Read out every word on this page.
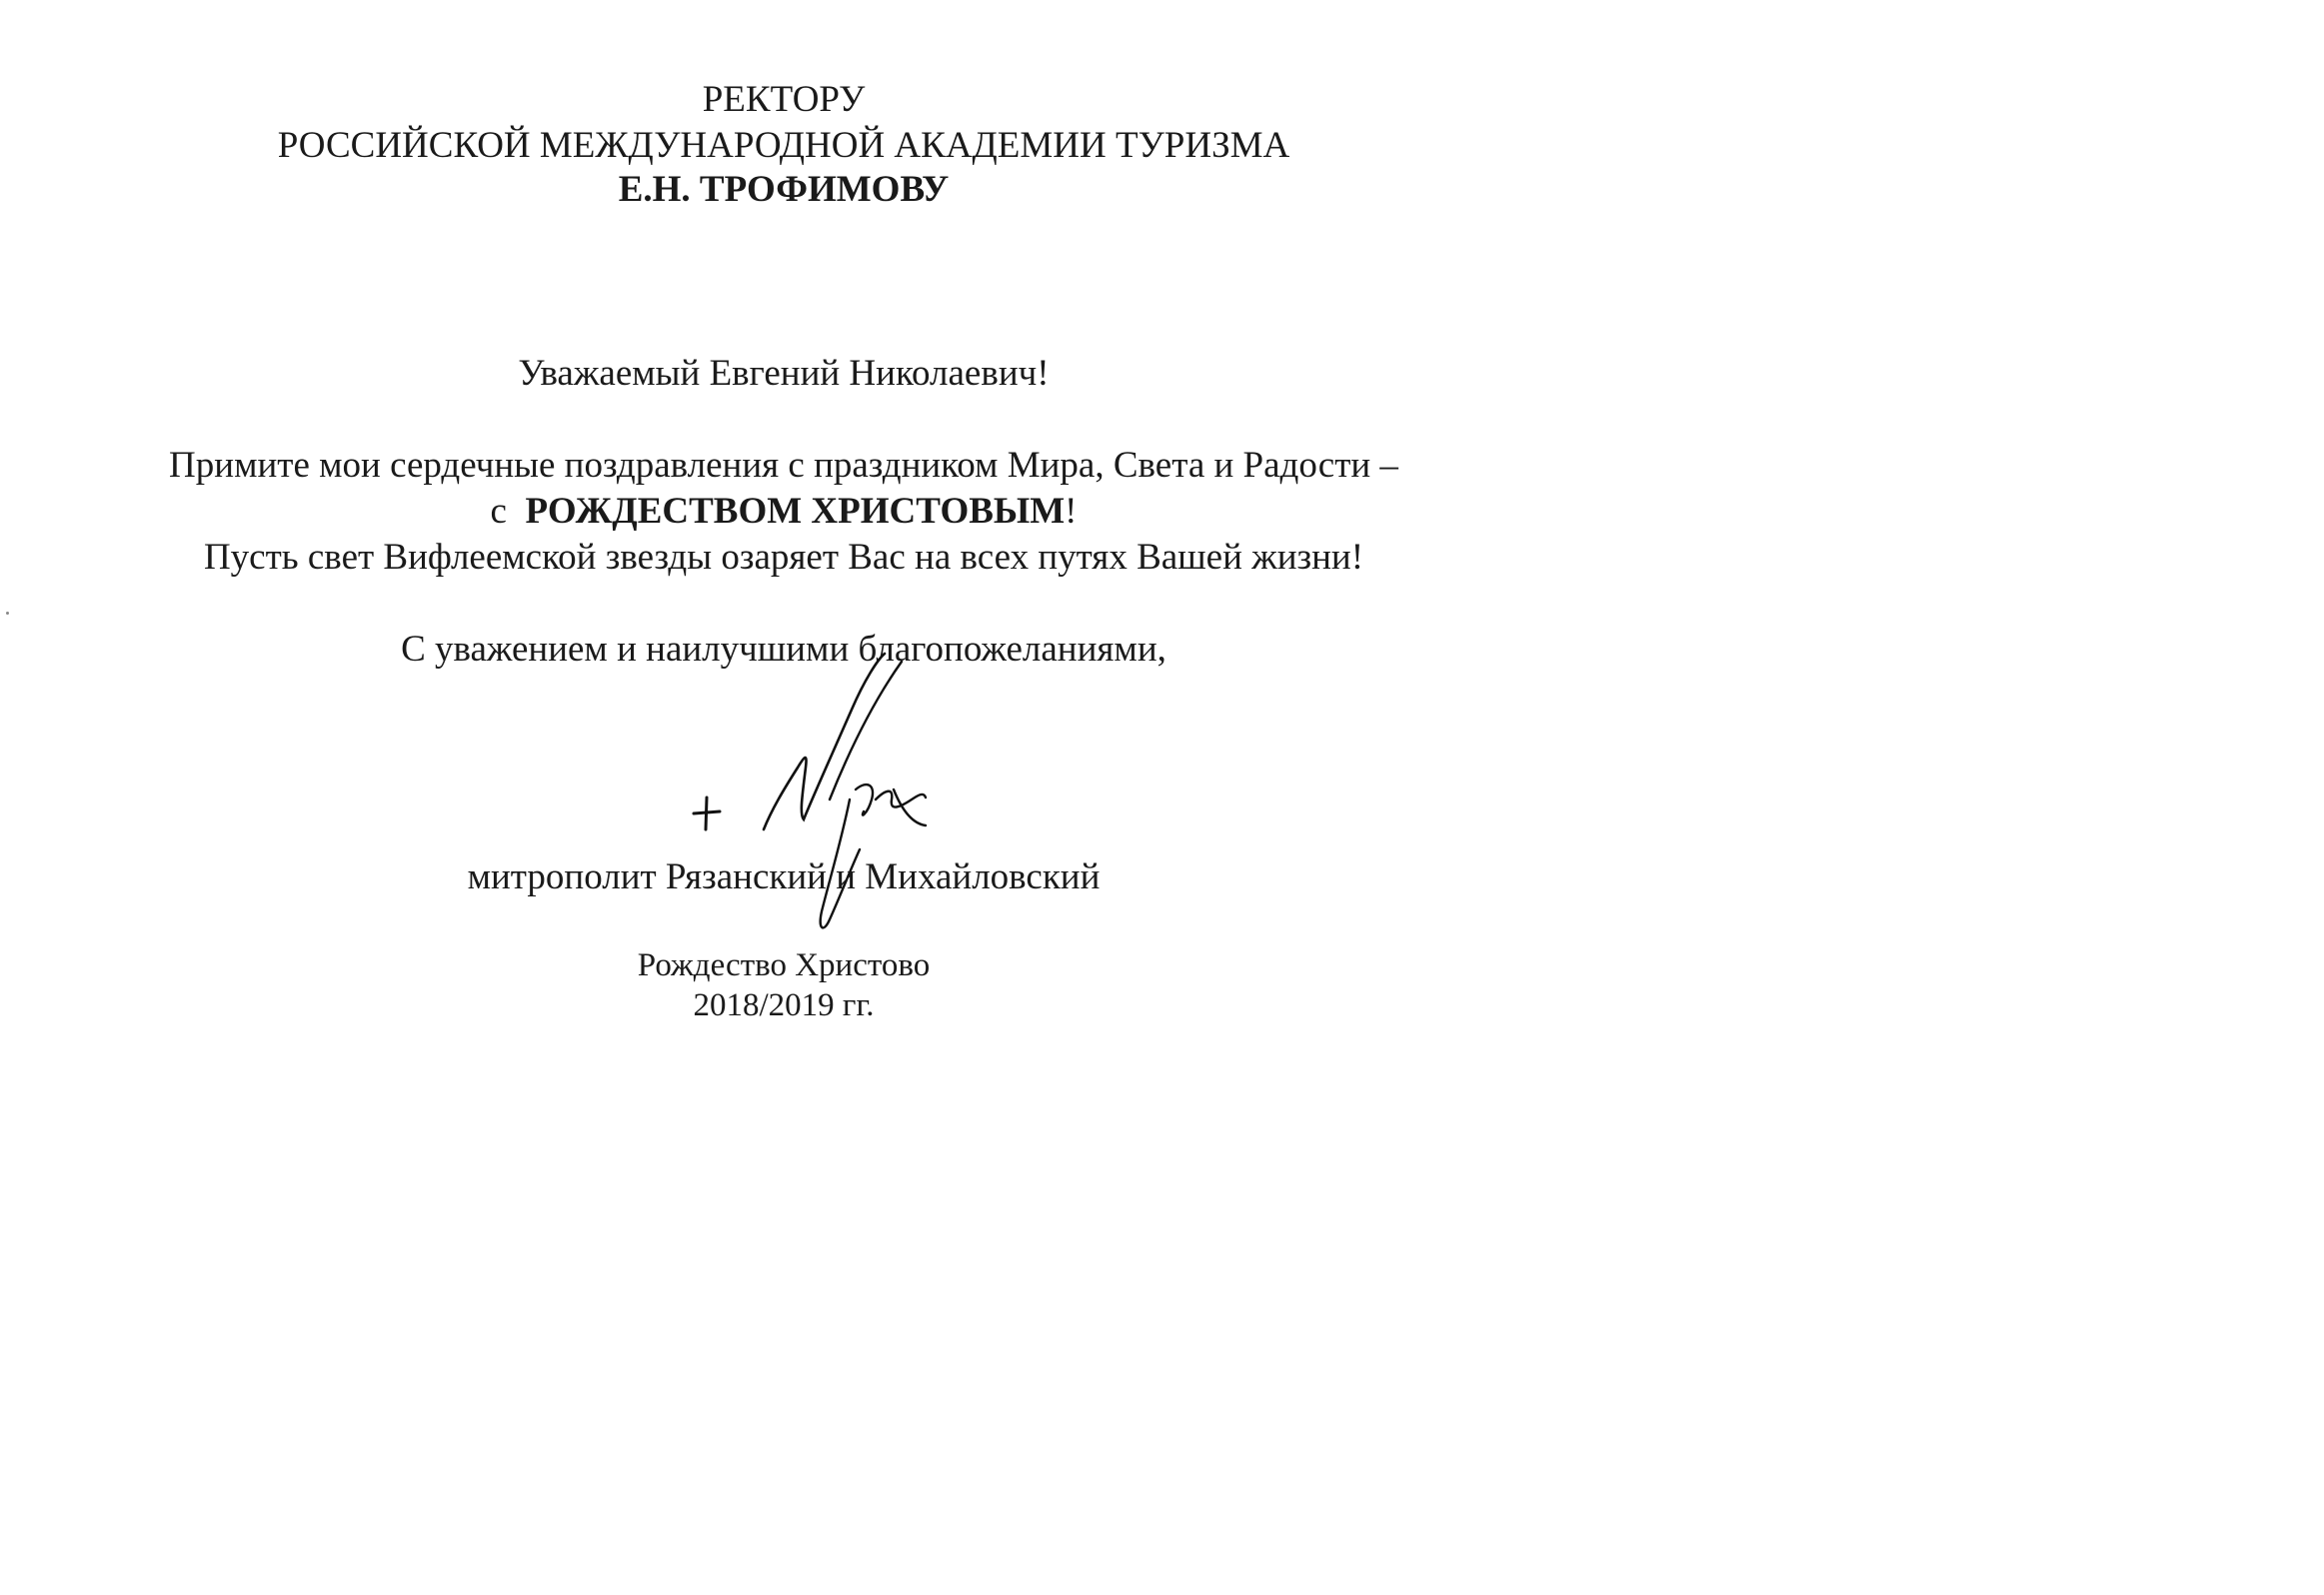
РЕКТОРУ
РОССИЙСКОЙ МЕЖДУНАРОДНОЙ АКАДЕМИИ ТУРИЗМА
Е.Н. ТРОФИМОВУ
Уважаемый Евгений Николаевич!
Примите мои сердечные поздравления с праздником Мира, Света и Радости –
с РОЖДЕСТВОМ ХРИСТОВЫМ!
Пусть свет Вифлеемской звезды озаряет Вас на всех путях Вашей жизни!
С уважением и наилучшими благопожеланиями,
митрополит Рязанский и Михайловский
Рождество Христово
2018/2019 гг.
